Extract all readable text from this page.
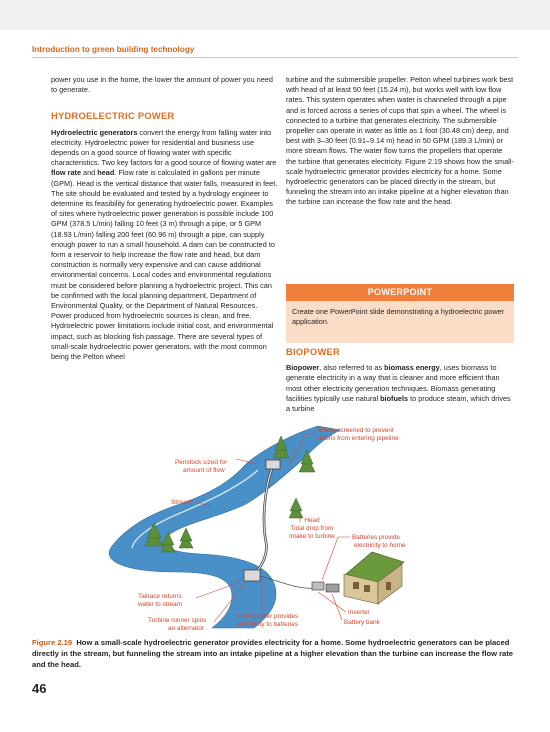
Introduction to green building technology

power you use in the home, the lower the amount of power you need to generate.

HYDROELECTRIC POWER

Hydroelectric generators convert the energy from falling water into electricity. Hydroelectric power for residential and business use depends on a good source of flowing water with specific characteristics. Two key factors for a good source of flowing water are flow rate and head. Flow rate is calculated in gallons per minute (GPM). Head is the vertical distance that water falls, measured in feet. The site should be evaluated and tested by a hydrology engineer to determine its feasibility for generating hydroelectric power. Examples of sites where hydroelectric power generation is possible include 100 GPM (378.5 L/min) falling 10 feet (3 m) through a pipe, or 5 GPM (18.93 L/min) falling 200 feet (60.96 m) through a pipe, can supply enough power to run a small household. A dam can be constructed to form a reservoir to help increase the flow rate and head, but dam construction is normally very expensive and can cause additional environmental concerns. Local codes and environmental regulations must be considered before planning a hydroelectric project. This can be confirmed with the local planning department, Department of Environmental Quality, or the Department of Natural Resources. Power produced from hydroelectric sources is clean, and free. Hydroelectric power limitations include initial cost, and environmental impact, such as blocking fish passage. There are several types of small-scale hydroelectric power generators, with the most common being the Pelton wheel

turbine and the submersible propeller. Pelton wheel turbines work best with head of at least 50 feet (15.24 m), but works well with low flow rates. This system operates when water is channeled through a pipe and is forced across a series of cups that spin a wheel. The wheel is connected to a turbine that generates electricity. The submersible propeller can operate in water as little as 1 foot (30.48 cm) deep, and best with 3–30 feet (0.91–9.14 m) head in 50 GPM (189.3 L/min) or more stream flows. The water flow turns the propellers that operate the turbine that generates electricity. Figure 2.19 shows how the small-scale hydroelectric generator provides electricity for a home. Some hydroelectric generators can be placed directly in the stream, but funneling the stream into an intake pipeline at a higher elevation than the turbine can increase the flow rate and the head.

POWERPOINT
Create one PowerPoint slide demonstrating a hydroelectric power application.

BIOPOWER

Biopower, also referred to as biomass energy, uses biomass to generate electricity in a way that is cleaner and more efficient than most other electricity generation techniques. Biomass generating facilities typically use natural biofuels to produce steam, which drives a turbine

Penstock sized for amount of flow
Intake screened to prevent debris from entering pipeline
Stream
Head Total drop from intake to turbine	Batteries provide electricity to home
Tailrace returns water to stream
Inverter
Hydropower provides electricity to batteries	Battery bank
Turbine runner spins an alternator
Figure 2.19 How a small-scale hydroelectric generator provides electricity for a home. Some hydroelectric generators can be placed directly in the stream, but funneling the stream into an intake pipeline at a higher elevation than the turbine can increase the flow rate and the head.
46
